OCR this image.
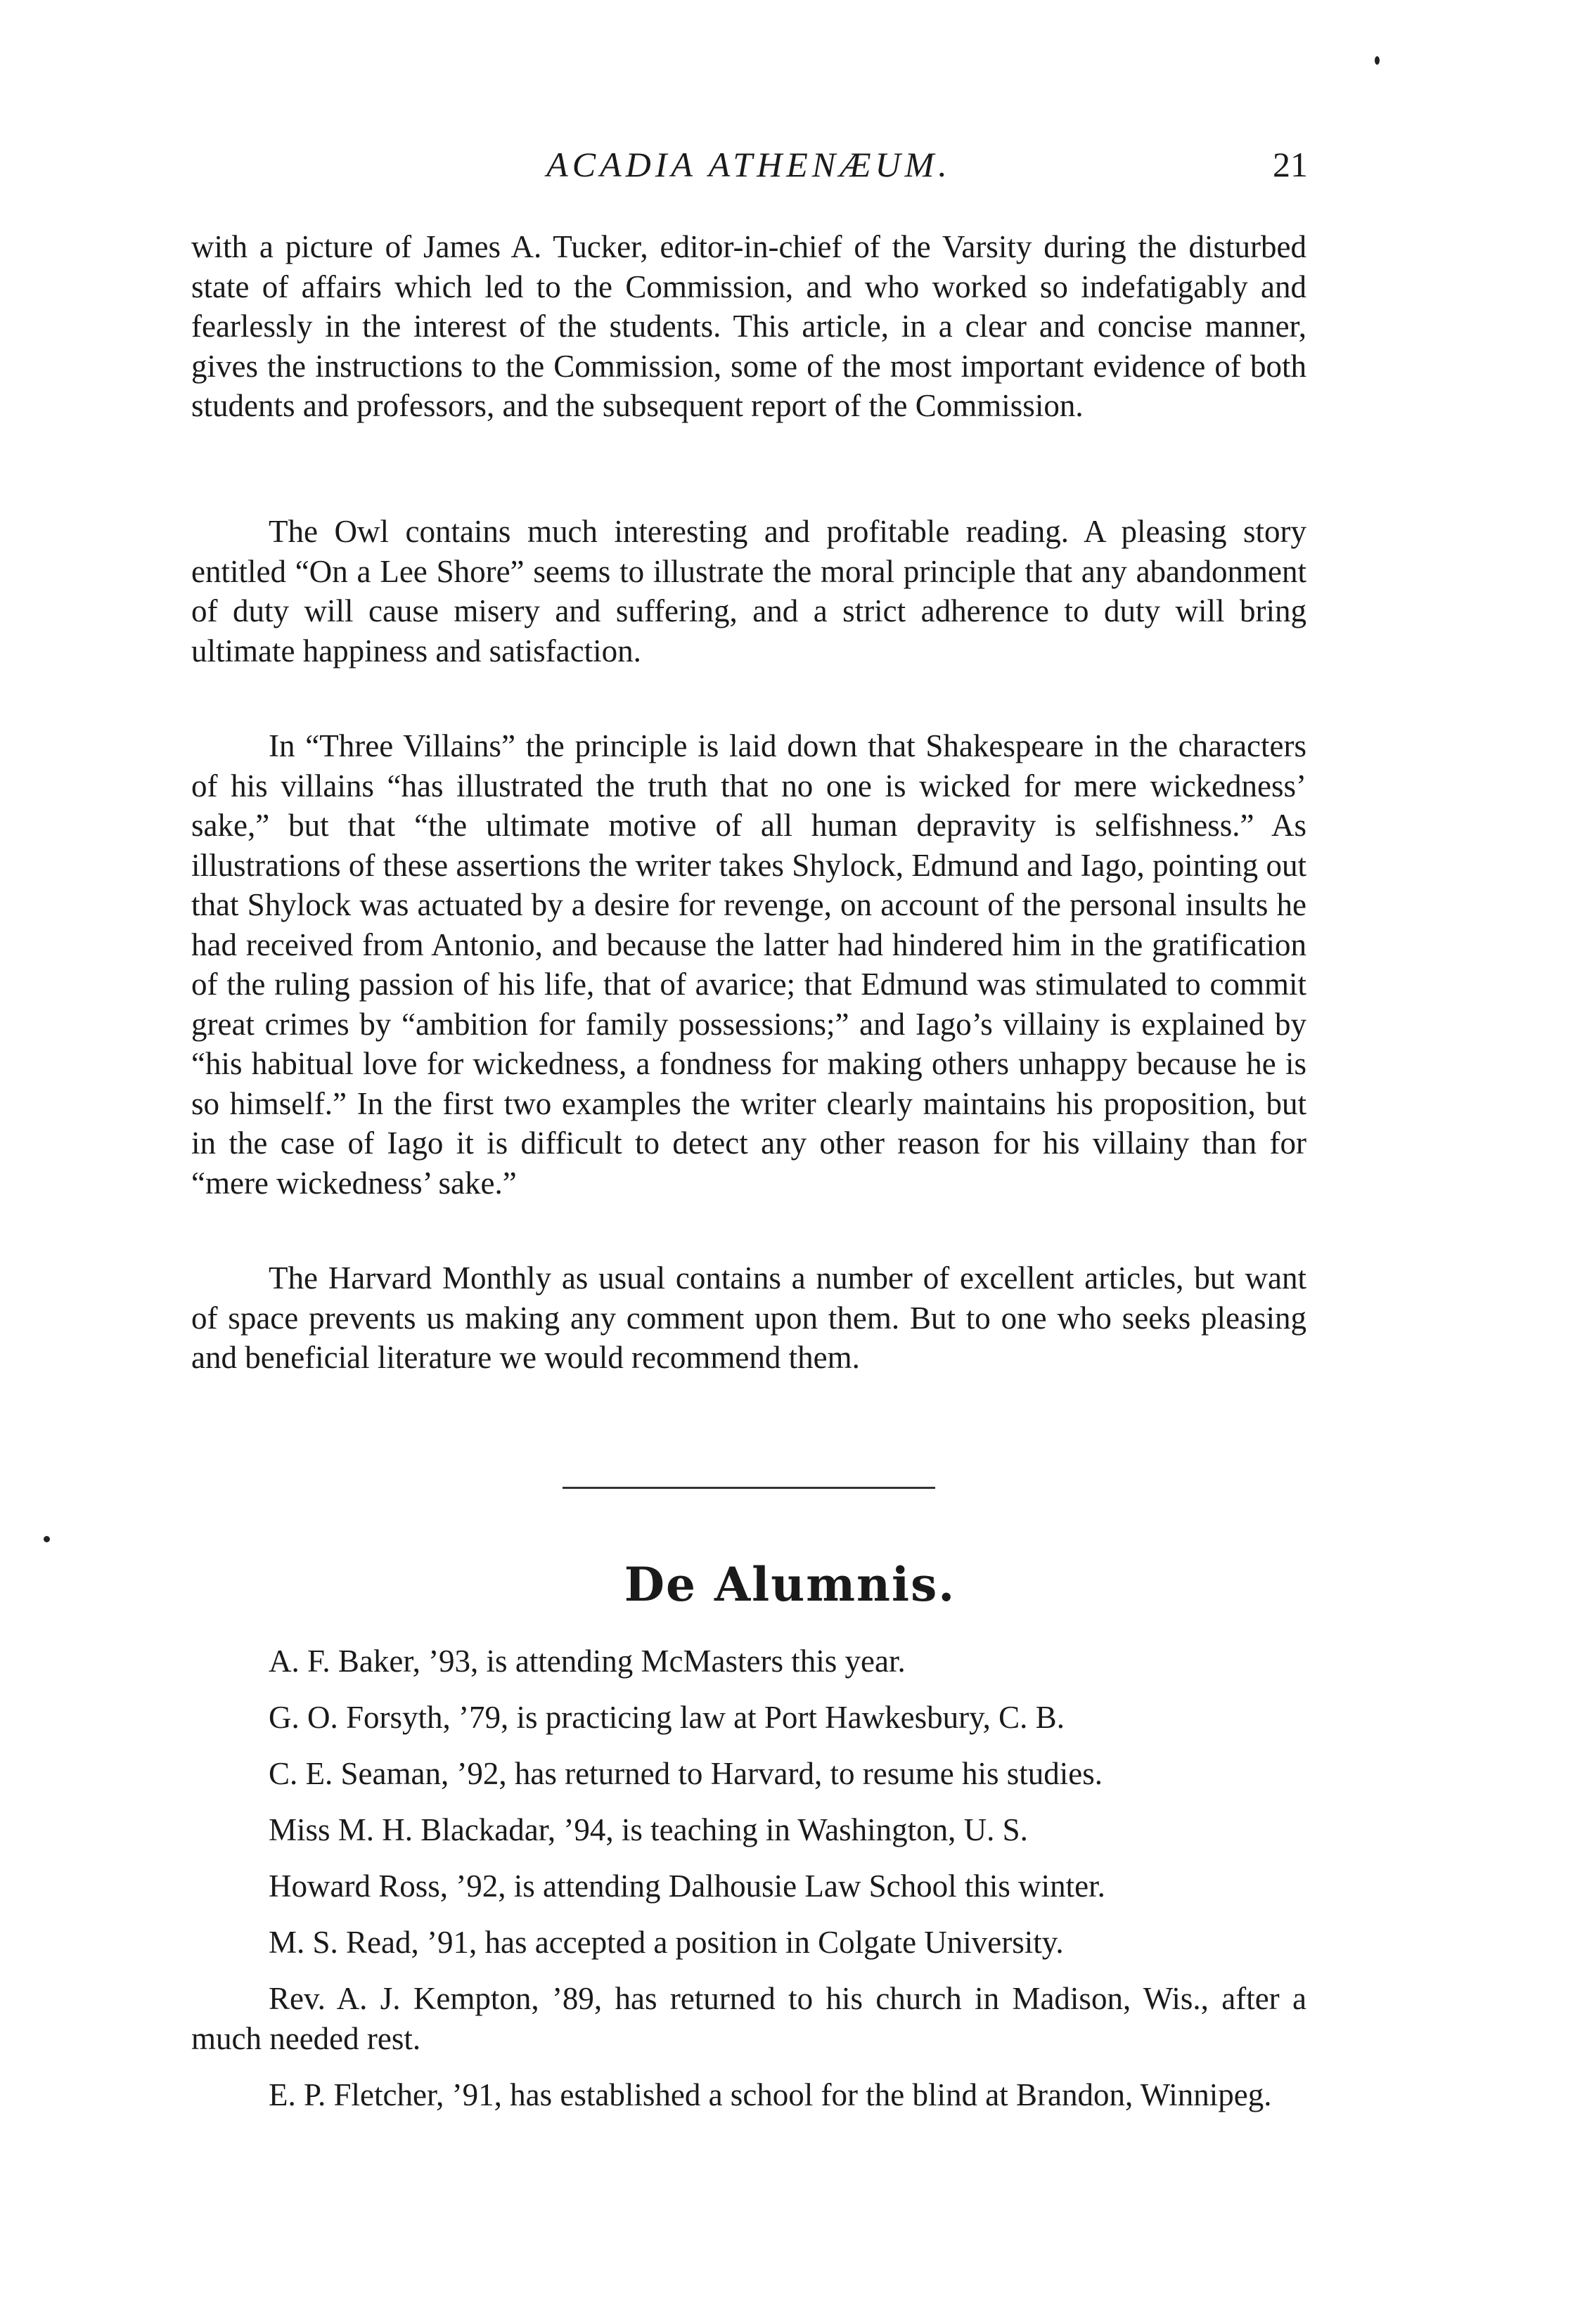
ACADIA ATHENÆUM.	21

with a picture of James A. Tucker, editor-in-chief of the Varsity during the disturbed state of affairs which led to the Commission, and who worked so indefatigably and fearlessly in the interest of the students. This article, in a clear and concise manner, gives the instructions to the Commission, some of the most important evidence of both students and professors, and the subsequent report of the Commission.

The Owl contains much interesting and profitable reading. A pleasing story entitled “On a Lee Shore” seems to illustrate the moral principle that any abandonment of duty will cause misery and suffering, and a strict adherence to duty will bring ultimate happiness and satisfaction.

In “Three Villains” the principle is laid down that Shakespeare in the characters of his villains “has illustrated the truth that no one is wicked for mere wickedness’ sake,” but that “the ultimate motive of all human depravity is selfishness.” As illustrations of these assertions the writer takes Shylock, Edmund and Iago, pointing out that Shylock was actuated by a desire for revenge, on account of the personal insults he had received from Antonio, and because the latter had hindered him in the gratification of the ruling passion of his life, that of avarice; that Edmund was stimulated to commit great crimes by “ambition for family possessions;” and Iago’s villainy is explained by “his habitual love for wickedness, a fondness for making others unhappy because he is so himself.” In the first two examples the writer clearly maintains his proposition, but in the case of Iago it is difficult to detect any other reason for his villainy than for “mere wickedness’ sake.”

The Harvard Monthly as usual contains a number of excellent articles, but want of space prevents us making any comment upon them. But to one who seeks pleasing and beneficial literature we would recommend them.

De Alumnis.

A. F. Baker, ’93, is attending McMasters this year.

G. O. Forsyth, ’79, is practicing law at Port Hawkesbury, C. B.

C. E. Seaman, ’92, has returned to Harvard, to resume his studies.

Miss M. H. Blackadar, ’94, is teaching in Washington, U. S.

Howard Ross, ’92, is attending Dalhousie Law School this winter.

M. S. Read, ’91, has accepted a position in Colgate University.

Rev. A. J. Kempton, ’89, has returned to his church in Madison, Wis., after a much needed rest.

E. P. Fletcher, ’91, has established a school for the blind at Brandon, Winnipeg.
